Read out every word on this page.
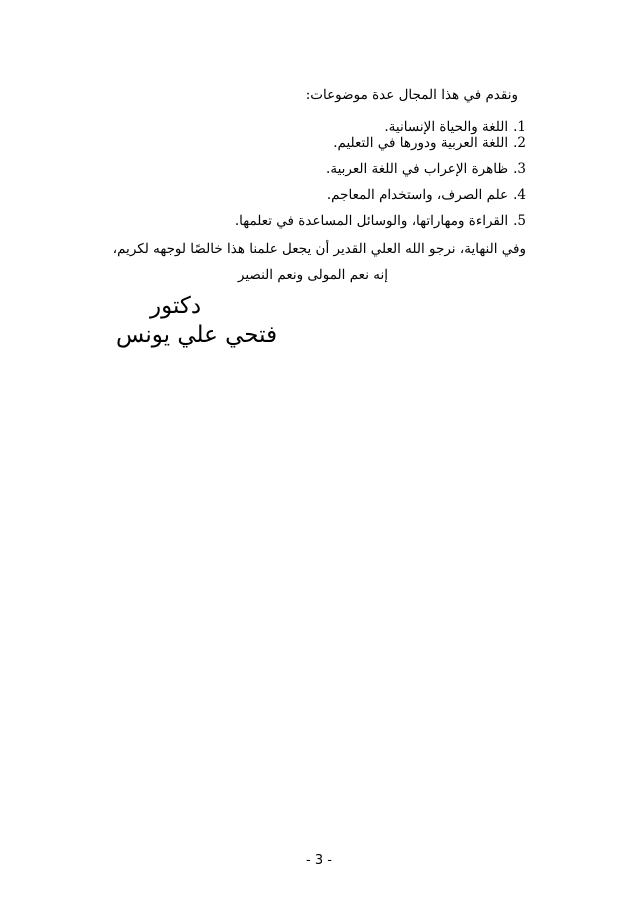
ونقدم في هذا المجال عدة موضوعات:
1.اللغة والحياة الإنسانية.
2.اللغة العربية ودورها في التعليم.
3.ظاهرة الإعراب في اللغة العربية.
4.علم الصرف، واستخدام المعاجم.
5.القراءة ومهاراتها، والوسائل المساعدة في تعلمها.
وفي النهاية، نرجو الله العلي القدير أن يجعل علمنا هذا خالصًا لوجهه لكريم،
إنه نعم المولى ونعم النصير
دكتور
فتحي علي يونس
- 3 -
